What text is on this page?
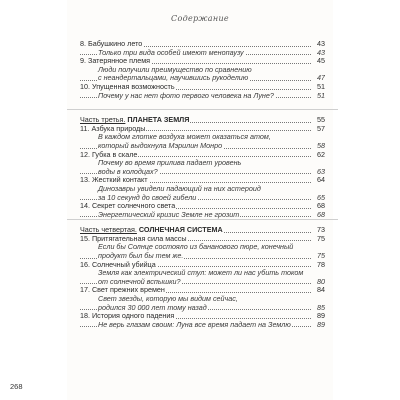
Содержание
8. Бабушкино лето	43
Только три вида особей имеют менопаузу	43
9. Затерянное племя	45
Люди получили преимущество по сравнению
с неандертальцами, научившись рукоделию	47
10. Упущенная возможность	51
Почему у нас нет фото первого человека на Луне?	51
Часть третья. ПЛАНЕТА ЗЕМЛЯ	55
11. Азбука природы	57
В каждом глотке воздуха может оказаться атом,
который выдохнула Мэрилин Монро	58
12. Губка в скале	62
Почему во время прилива падает уровень
воды в колодцах?	63
13. Жесткий контакт	64
Динозавры увидели падающий на них астероид
за 10 секунд до своей гибели	65
14. Секрет солнечного света	68
Энергетический кризис Земле не грозит	68
Часть четвертая. СОЛНЕЧНАЯ СИСТЕМА	73
15. Притягательная сила массы	75
Если бы Солнце состояло из бананового пюре, конечный
продукт был бы тем же.	75
16. Солнечный убийца	78
Земля как электрический стул: может ли нас убить током
от солнечной вспышки?	80
17. Свет прежних времен	84
Свет звезды, которую мы видим сейчас,
родился 30 000 лет тому назад	85
18. История одного падения	89
Не верь глазам своим: Луна все время падает на Землю	89
268
